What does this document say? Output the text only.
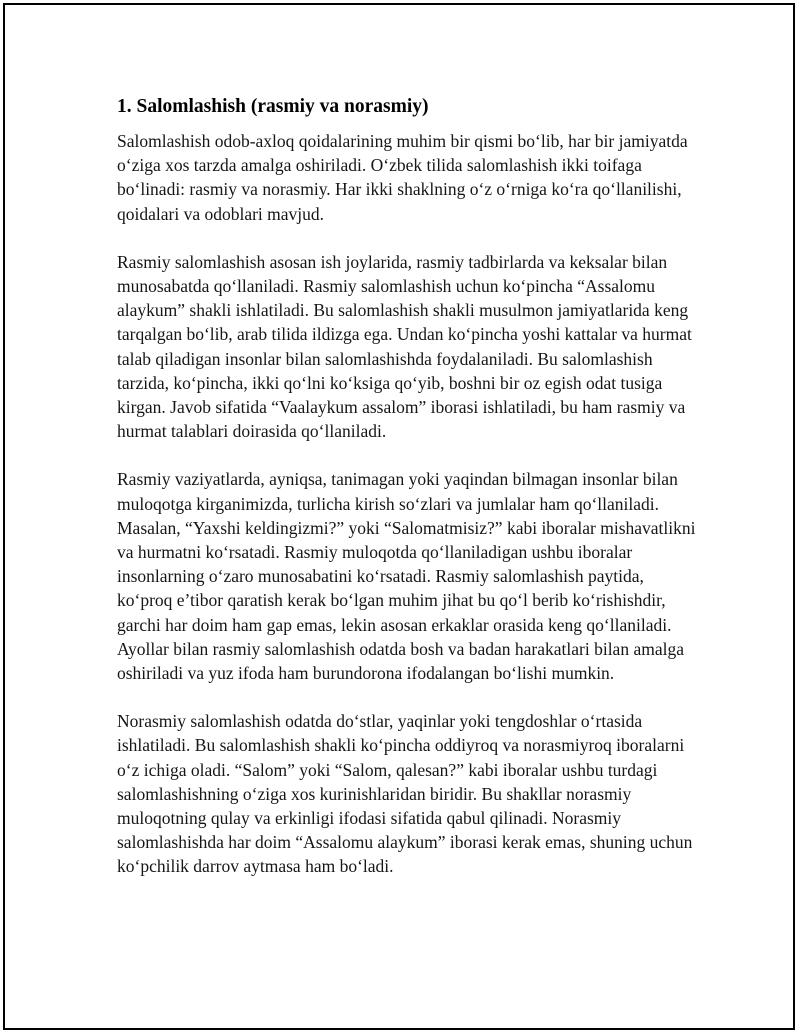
1. Salomlashish (rasmiy va norasmiy)

Salomlashish odob-axloq qoidalarining muhim bir qismi bo‘lib, har bir jamiyatda o‘ziga xos tarzda amalga oshiriladi. O‘zbek tilida salomlashish ikki toifaga bo‘linadi: rasmiy va norasmiy. Har ikki shaklning o‘z o‘rniga ko‘ra qo‘llanilishi, qoidalari va odoblari mavjud.

Rasmiy salomlashish asosan ish joylarida, rasmiy tadbirlarda va keksalar bilan munosabatda qo‘llaniladi. Rasmiy salomlashish uchun ko‘pincha “Assalomu alaykum” shakli ishlatiladi. Bu salomlashish shakli musulmon jamiyatlarida keng tarqalgan bo‘lib, arab tilida ildizga ega. Undan ko‘pincha yoshi kattalar va hurmat talab qiladigan insonlar bilan salomlashishda foydalaniladi. Bu salomlashish tarzida, ko‘pincha, ikki qo‘lni ko‘ksiga qo‘yib, boshni bir oz egish odat tusiga kirgan. Javob sifatida “Vaalaykum assalom” iborasi ishlatiladi, bu ham rasmiy va hurmat talablari doirasida qo‘llaniladi.

Rasmiy vaziyatlarda, ayniqsa, tanimagan yoki yaqindan bilmagan insonlar bilan muloqotga kirganimizda, turlicha kirish so‘zlari va jumlalar ham qo‘llaniladi. Masalan, “Yaxshi keldingizmi?” yoki “Salomatmisiz?” kabi iboralar mishavatlikni va hurmatni ko‘rsatadi. Rasmiy muloqotda qo‘llaniladigan ushbu iboralar insonlarning o‘zaro munosabatini ko‘rsatadi. Rasmiy salomlashish paytida, ko‘proq e’tibor qaratish kerak bo‘lgan muhim jihat bu qo‘l berib ko‘rishishdir, garchi har doim ham gap emas, lekin asosan erkaklar orasida keng qo‘llaniladi. Ayollar bilan rasmiy salomlashish odatda bosh va badan harakatlari bilan amalga oshiriladi va yuz ifoda ham burundorona ifodalangan bo‘lishi mumkin.

Norasmiy salomlashish odatda do‘stlar, yaqinlar yoki tengdoshlar o‘rtasida ishlatiladi. Bu salomlashish shakli ko‘pincha oddiyroq va norasmiyroq iboralarni o‘z ichiga oladi. “Salom” yoki “Salom, qalesan?” kabi iboralar ushbu turdagi salomlashishning o‘ziga xos kurinishlaridan biridir. Bu shakllar norasmiy muloqotning qulay va erkinligi ifodasi sifatida qabul qilinadi. Norasmiy salomlashishda har doim “Assalomu alaykum” iborasi kerak emas, shuning uchun ko‘pchilik darrov aytmasa ham bo‘ladi.
